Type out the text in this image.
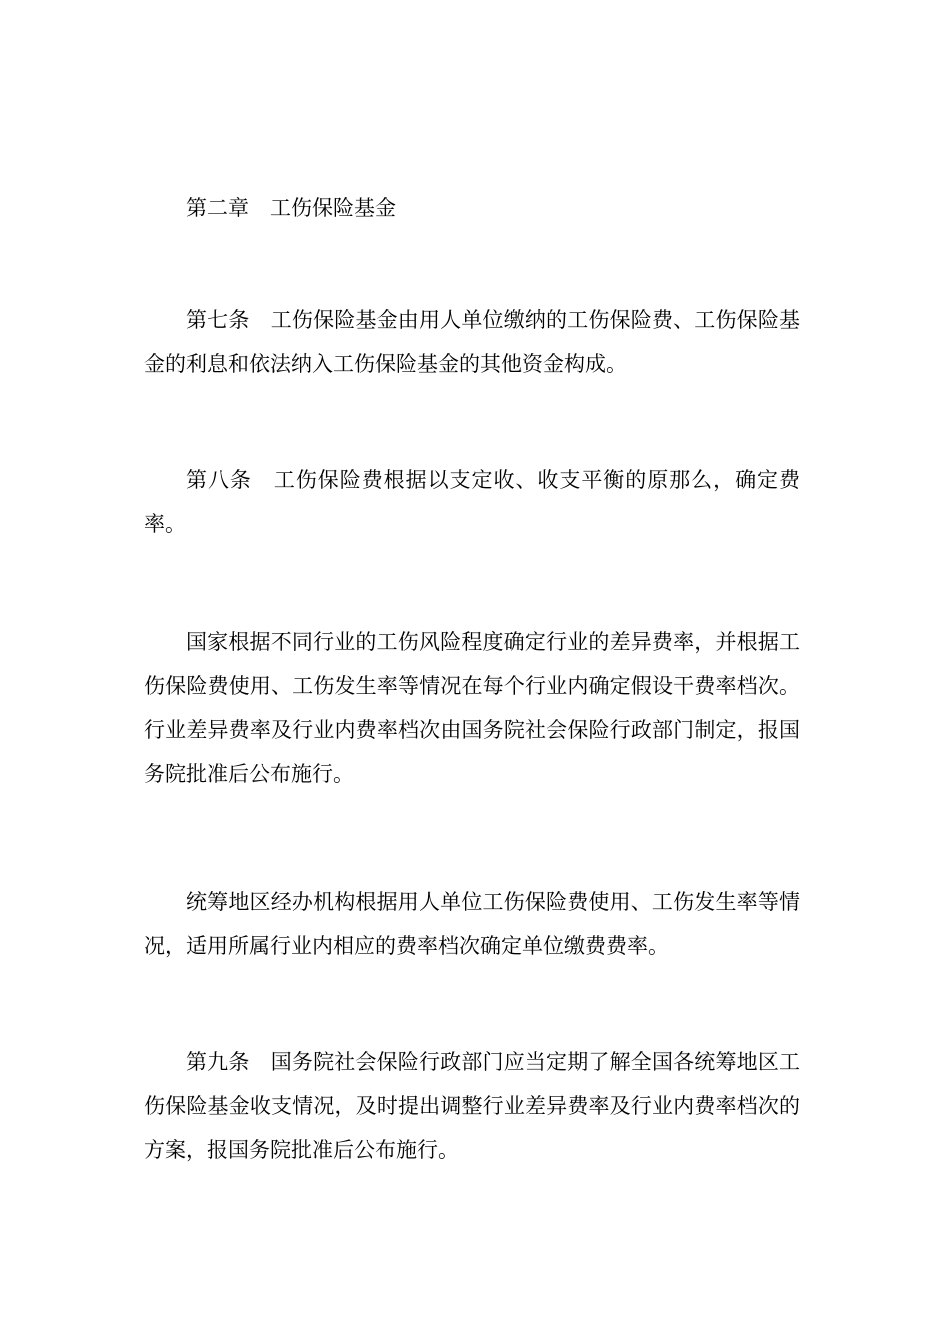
第二章 工伤保险基金

第七条 工伤保险基金由用人单位缴纳的工伤保险费、工伤保险基金的利息和依法纳入工伤保险基金的其他资金构成。

第八条 工伤保险费根据以支定收、收支平衡的原那么，确定费率。

国家根据不同行业的工伤风险程度确定行业的差异费率，并根据工伤保险费使用、工伤发生率等情况在每个行业内确定假设干费率档次。行业差异费率及行业内费率档次由国务院社会保险行政部门制定，报国务院批准后公布施行。

统筹地区经办机构根据用人单位工伤保险费使用、工伤发生率等情况，适用所属行业内相应的费率档次确定单位缴费费率。

第九条 国务院社会保险行政部门应当定期了解全国各统筹地区工伤保险基金收支情况，及时提出调整行业差异费率及行业内费率档次的方案，报国务院批准后公布施行。
